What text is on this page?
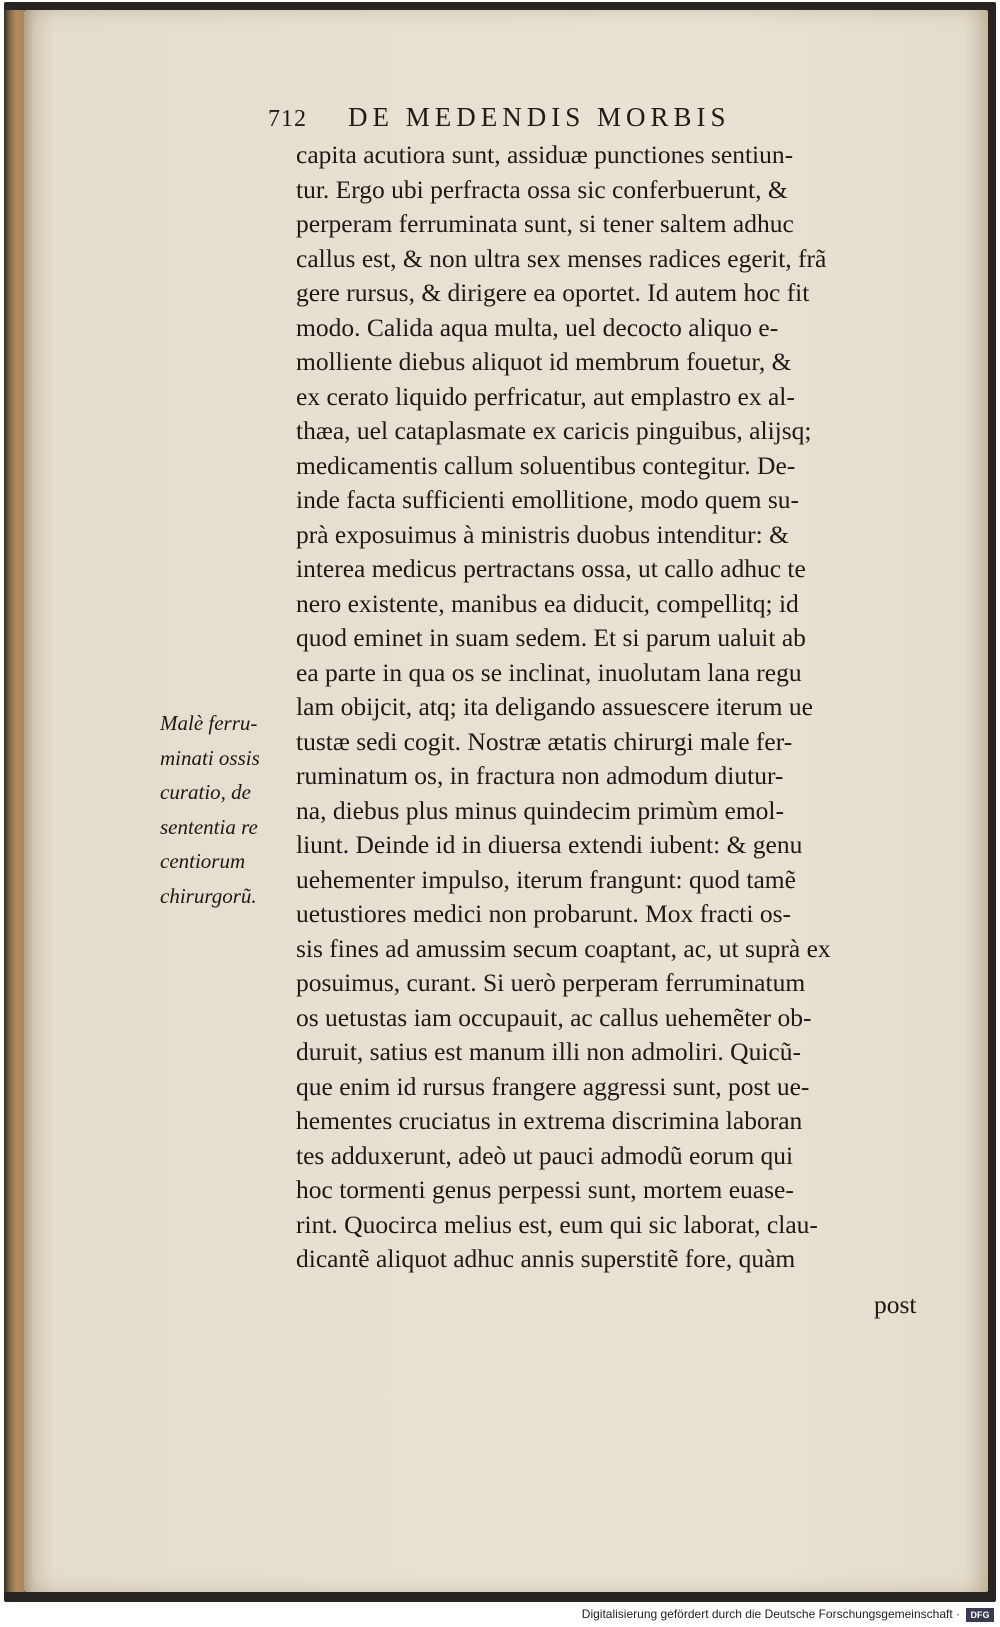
712 DE MEDENDIS MORBIS
capita acutiora sunt, assiduæ punctiones sentiun-
tur. Ergo ubi perfracta ossa sic conferbuerunt, &
perperam ferruminata sunt, si tener saltem adhuc
callus est, & non ultra sex menses radices egerit, frã
gere rursus, & dirigere ea oportet. Id autem hoc fit
modo. Calida aqua multa, uel decocto aliquo e-
molliente diebus aliquot id membrum fouetur, &
ex cerato liquido perfricatur, aut emplastro ex al-
thæa, uel cataplasmate ex caricis pinguibus, alijsq;
medicamentis callum soluentibus contegitur. De-
inde facta sufficienti emollitione, modo quem su-
prà exposuimus à ministris duobus intenditur: &
interea medicus pertractans ossa, ut callo adhuc te
nero existente, manibus ea diducit, compellitq; id
quod eminet in suam sedem. Et si parum ualuit ab
ea parte in qua os se inclinat, inuolutam lana regu
lam obijcit, atq; ita deligando assuescere iterum ue
tustæ sedi cogit. Nostræ ætatis chirurgi male fer-
ruminatum os, in fractura non admodum diutur-
na, diebus plus minus quindecim primùm emol-
liunt. Deinde id in diuersa extendi iubent: & genu
uehementer impulso, iterum frangunt: quod tamẽ
uetustiores medici non probarunt. Mox fracti os-
sis fines ad amussim secum coaptant, ac, ut suprà ex
posuimus, curant. Si uerò perperam ferruminatum
os uetustas iam occupauit, ac callus uehemẽter ob-
duruit, satius est manum illi non admoliri. Quicũ-
que enim id rursus frangere aggressi sunt, post ue-
hementes cruciatus in extrema discrimina laboran
tes adduxerunt, adeò ut pauci admodũ eorum qui
hoc tormenti genus perpessi sunt, mortem euase-
rint. Quocirca melius est, eum qui sic laborat, clau-
dicantẽ aliquot adhuc annis superstitẽ fore, quàm
Malè ferru-
minati ossis
curatio, de
sententia re
centiorum
chirurgorũ.
post
Digitalisierung gefördert durch die Deutsche Forschungsgemeinschaft ·	DFG
